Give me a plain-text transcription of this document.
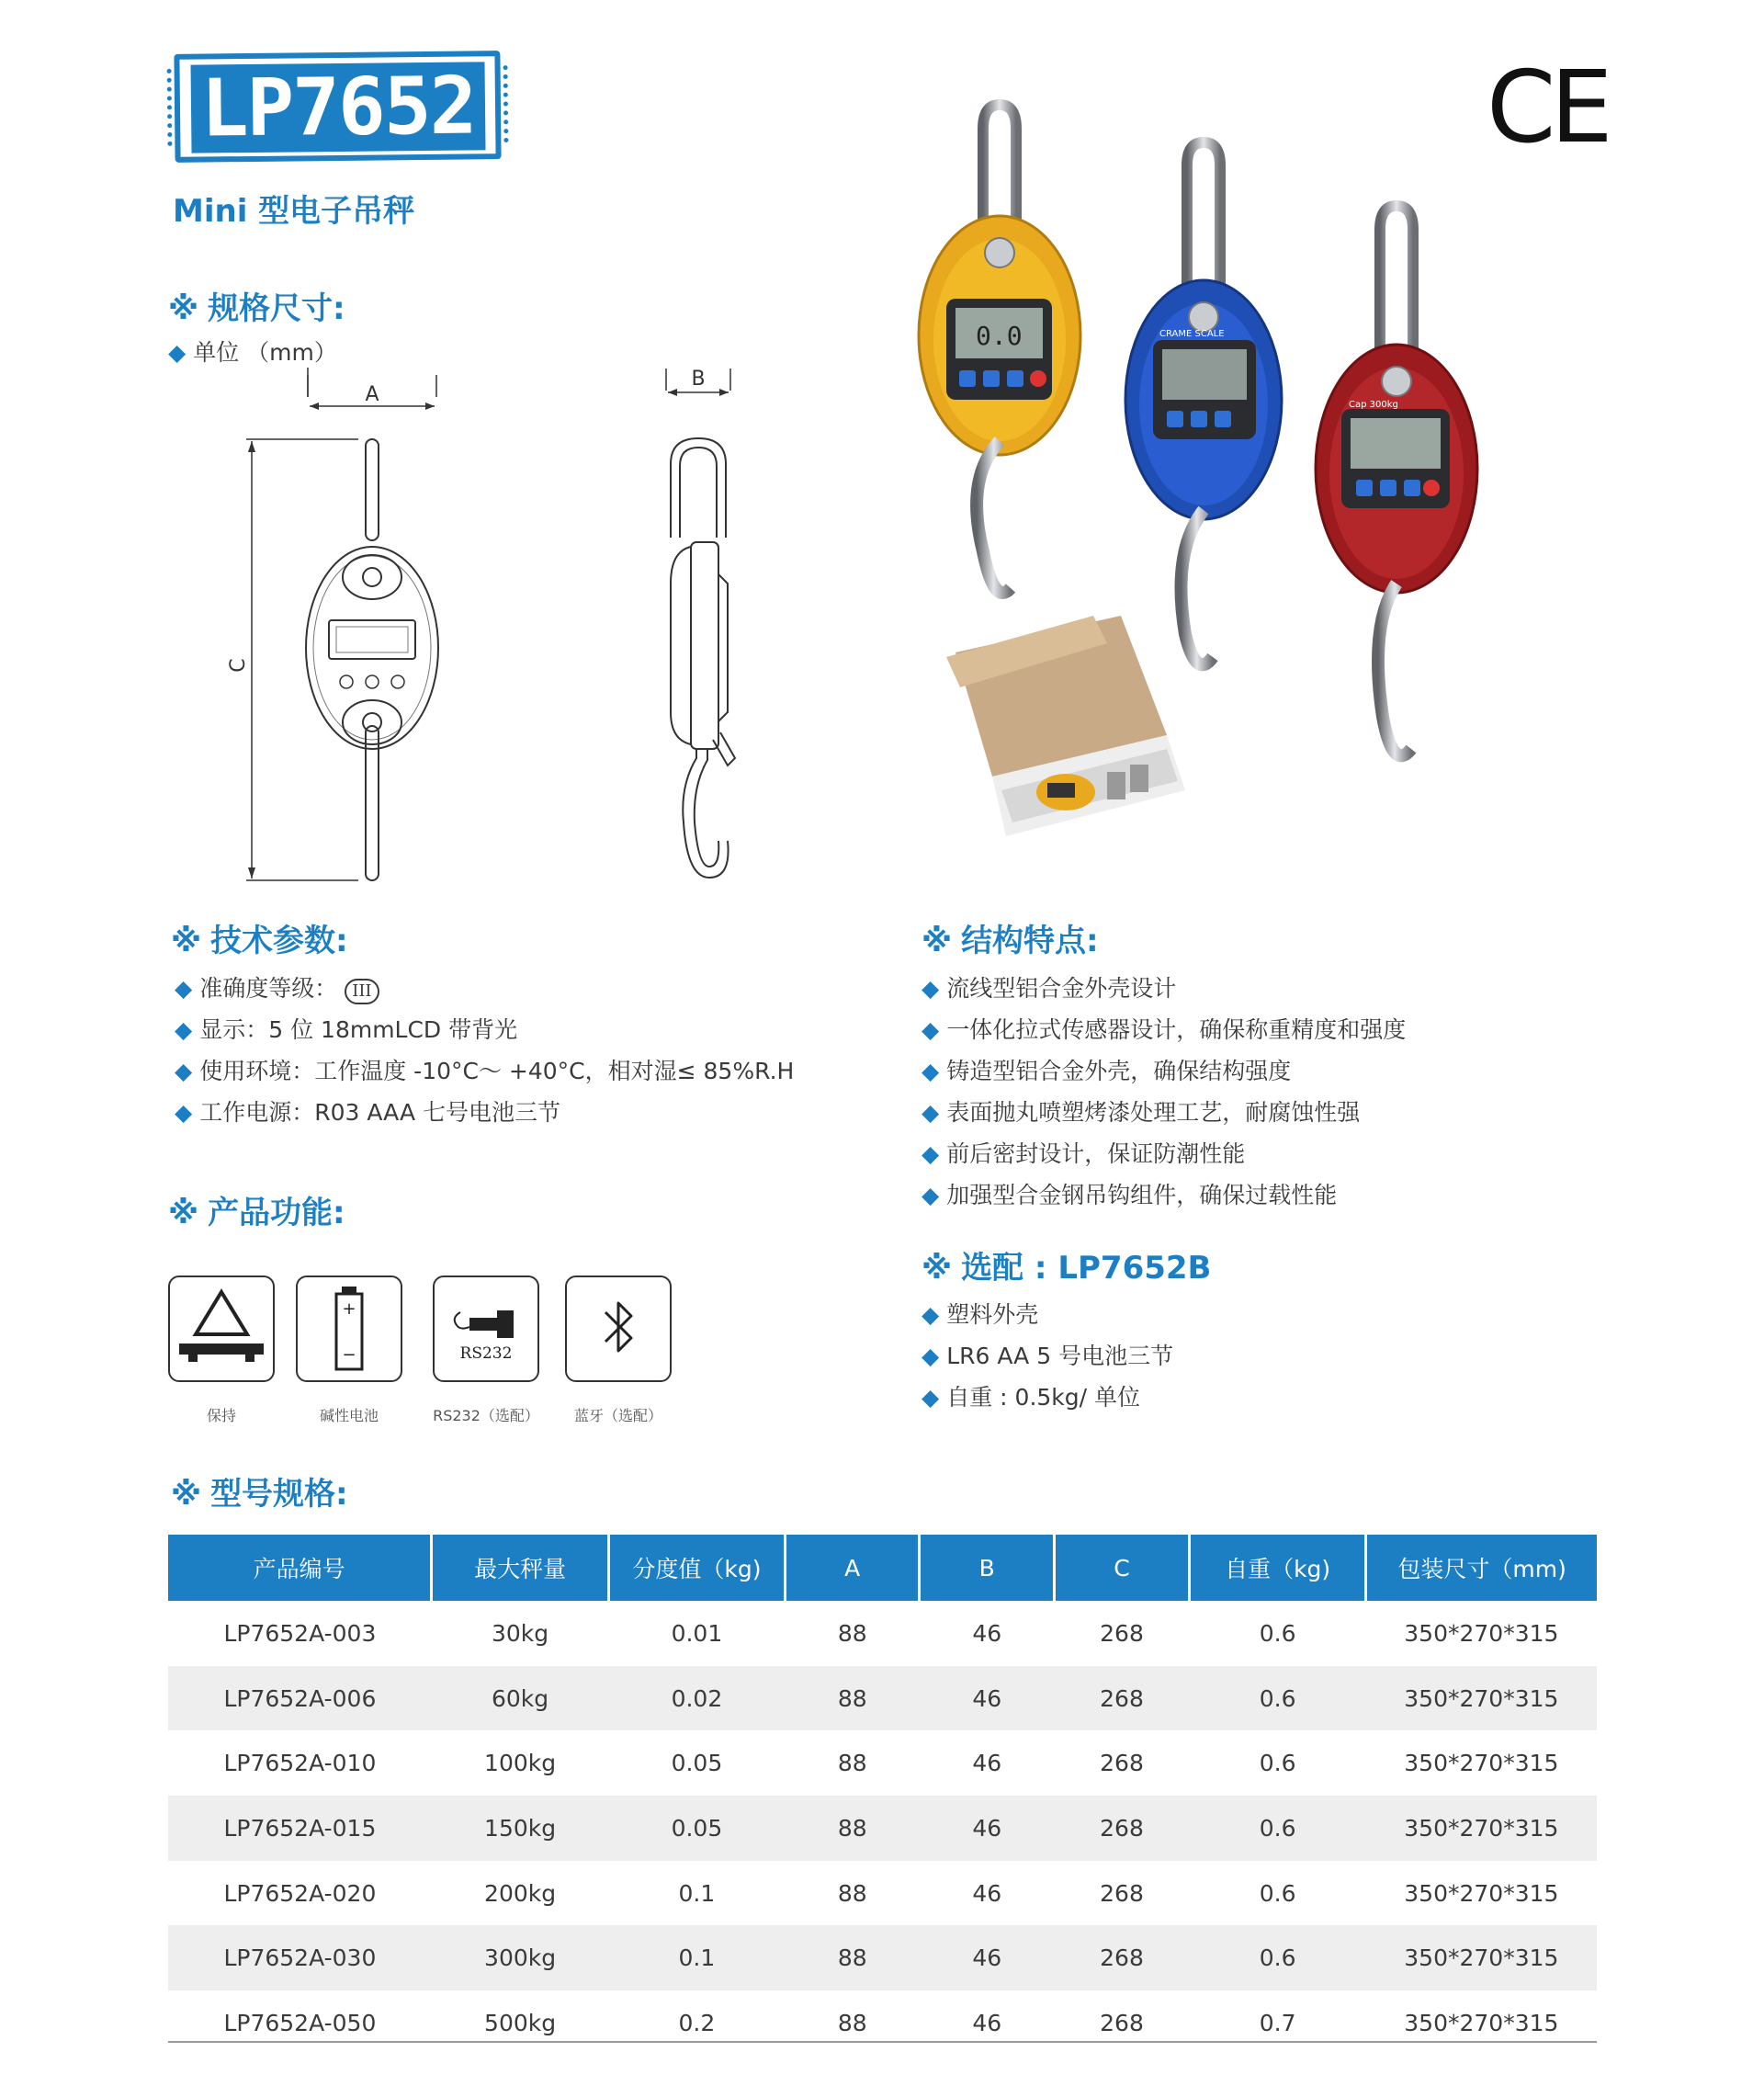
LP7652
Mini 型电子吊秤
CE
※ 规格尺寸:
◆ 单位 （mm）
A
C
B
0.0	CRAME SCALE
Cap 300kg
※ 技术参数:
◆ 准确度等级： III
◆ 显示：5 位 18mmLCD 带背光
◆ 使用环境：工作温度 -10°C～ +40°C，相对湿≤ 85%R.H
◆ 工作电源：R03 AAA 七号电池三节
※ 产品功能:
保持
+
−
碱性电池
RS232
RS232（选配）	蓝牙（选配）
※ 结构特点:
◆ 流线型铝合金外壳设计
◆ 一体化拉式传感器设计，确保称重精度和强度
◆ 铸造型铝合金外壳，确保结构强度
◆ 表面抛丸喷塑烤漆处理工艺，耐腐蚀性强
◆ 前后密封设计，保证防潮性能
◆ 加强型合金钢吊钩组件，确保过载性能
※ 选配 : LP7652B
◆ 塑料外壳
◆ LR6 AA 5 号电池三节
◆ 自重 : 0.5kg/ 单位
※ 型号规格:
产品编号	最大秤量	分度值（kg)	A	B	C	自重（kg)	包装尺寸（mm)
LP7652A-003	30kg	0.01	88	46	268	0.6	350*270*315
LP7652A-006	60kg	0.02	88	46	268	0.6	350*270*315
LP7652A-010	100kg	0.05	88	46	268	0.6	350*270*315
LP7652A-015	150kg	0.05	88	46	268	0.6	350*270*315
LP7652A-020	200kg	0.1	88	46	268	0.6	350*270*315
LP7652A-030	300kg	0.1	88	46	268	0.6	350*270*315
LP7652A-050	500kg	0.2	88	46	268	0.7	350*270*315
